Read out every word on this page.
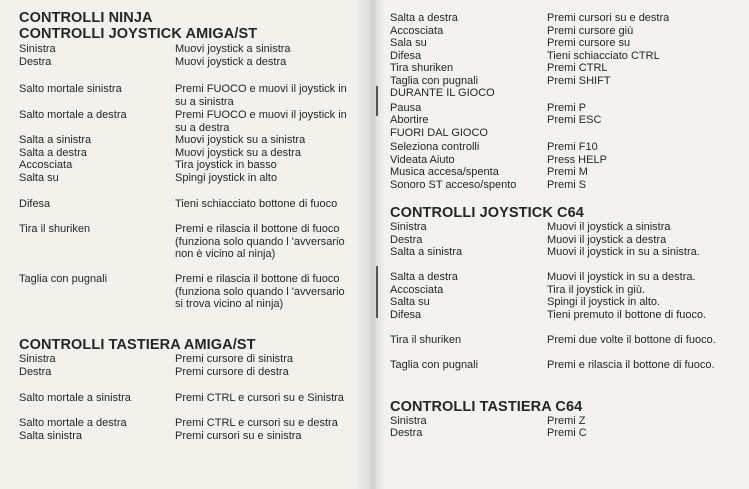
CONTROLLI NINJA
CONTROLLI JOYSTICK AMIGA/ST
Sinistra	Muovi joystick a sinistra
Destra	Muovi joystick a destra
Salto mortale sinistra	Premi FUOCO e muovi il joystick in su a sinistra
Salto mortale a destra	Premi FUOCO e muovi il joystick in su a destra
Salta a sinistra	Muovi joystick su a sinistra
Salta a destra	Muovi joystick su a destra
Accosciata	Tira joystick in basso
Salta su	Spingi joystick in alto
Difesa	Tieni schiacciato bottone di fuoco
Tira il shuriken	Premi e rilascia il bottone di fuoco (funziona solo quando l 'avversario non è vicino al ninja)
Taglia con pugnali	Premi e rilascia il bottone di fuoco (funziona solo quando l 'avversario si trova vicino al ninja)
CONTROLLI TASTIERA AMIGA/ST
Sinistra	Premi cursore di sinistra
Destra	Premi cursore di destra
Salto mortale a sinistra	Premi CTRL e cursori su e Sinistra
Salto mortale a destra	Premi CTRL e cursori su e destra
Salta sinistra	Premi cursori su e sinistra
Salta a destra	Premi cursori su e destra
Accosciata	Premi cursore giù
Sala su	Premi cursore su
Difesa	Tieni schiacciato CTRL
Tira shuriken	Premi CTRL
Taglia con pugnali	Premi SHIFT
DURANTE IL GIOCO
Pausa	Premi P
Abortire	Premi ESC
FUORI DAL GIOCO
Seleziona controlli	Premi F10
Videata Aiuto	Press HELP
Musica accesa/spenta	Premi M
Sonoro ST acceso/spento	Premi S
CONTROLLI JOYSTICK C64
Sinistra	Muovi il joystick a sinistra
Destra	Muovi il joystick a destra
Salta a sinistra	Muovi il joystick in su a sinistra.
Salta a destra	Muovi il joystick in su a destra.
Accosciata	Tira il joystick in giù.
Salta su	Spingi il joystick in alto.
Difesa	Tieni premuto il bottone di fuoco.
Tira il shuriken	Premi due volte il bottone di fuoco.
Taglia con pugnali	Premi e rilascia il bottone di fuoco.
CONTROLLI TASTIERA C64
Sinistra	Premi Z
Destra	Premi C
